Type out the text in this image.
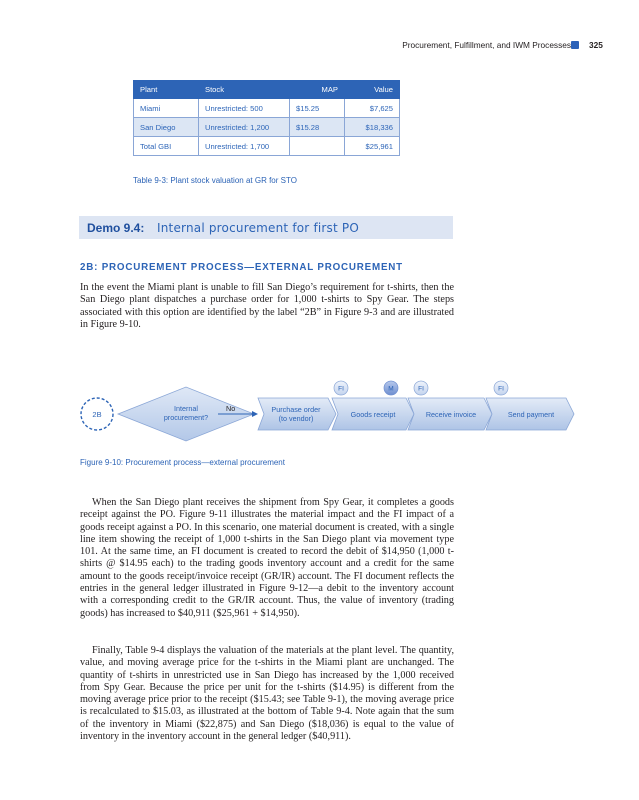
Procurement, Fulfillment, and IWM Processes 325
Plant	Stock	MAP	Value
Miami	Unrestricted: 500	$15.25	$7,625
San Diego	Unrestricted: 1,200	$15.28	$18,336
Total GBI	Unrestricted: 1,700		$25,961
Table 9-3: Plant stock valuation at GR for STO
Demo 9.4: Internal procurement for first PO
2B: PROCUREMENT PROCESS—EXTERNAL PROCUREMENT

In the event the Miami plant is unable to fill San Diego’s requirement for t-shirts, then the San Diego plant dispatches a purchase order for 1,000 t-shirts to Spy Gear. The steps associated with this option are identified by the label “2B” in Figure 9-3 and are illustrated in Figure 9-10.

2B
Internal
procurement?
No	Purchase order
(to vendor)	Goods receipt	Receive invoice	Send payment
FI	M	FI	FI
Figure 9-10: Procurement process—external procurement

When the San Diego plant receives the shipment from Spy Gear, it completes a goods receipt against the PO. Figure 9-11 illustrates the material impact and the FI impact of a goods receipt against a PO. In this scenario, one material document is created, with a single line item showing the receipt of 1,000 t-shirts in the San Diego plant via movement type 101. At the same time, an FI document is created to record the debit of $14,950 (1,000 t-shirts @ $14.95 each) to the trading goods inventory account and a credit for the same amount to the goods receipt/invoice receipt (GR/IR) account. The FI document reflects the entries in the general ledger illustrated in Figure 9-12—a debit to the inventory account with a corresponding credit to the GR/IR account. Thus, the value of inventory (trading goods) has increased to $40,911 ($25,961 + $14,950).

Finally, Table 9-4 displays the valuation of the materials at the plant level. The quantity, value, and moving average price for the t-shirts in the Miami plant are unchanged. The quantity of t-shirts in unrestricted use in San Diego has increased by the 1,000 received from Spy Gear. Because the price per unit for the t-shirts ($14.95) is different from the moving average price prior to the receipt ($15.43; see Table 9-1), the moving average price is recalculated to $15.03, as illustrated at the bottom of Table 9-4. Note again that the sum of the inventory in Miami ($22,875) and San Diego ($18,036) is equal to the value of inventory in the inventory account in the general ledger ($40,911).
